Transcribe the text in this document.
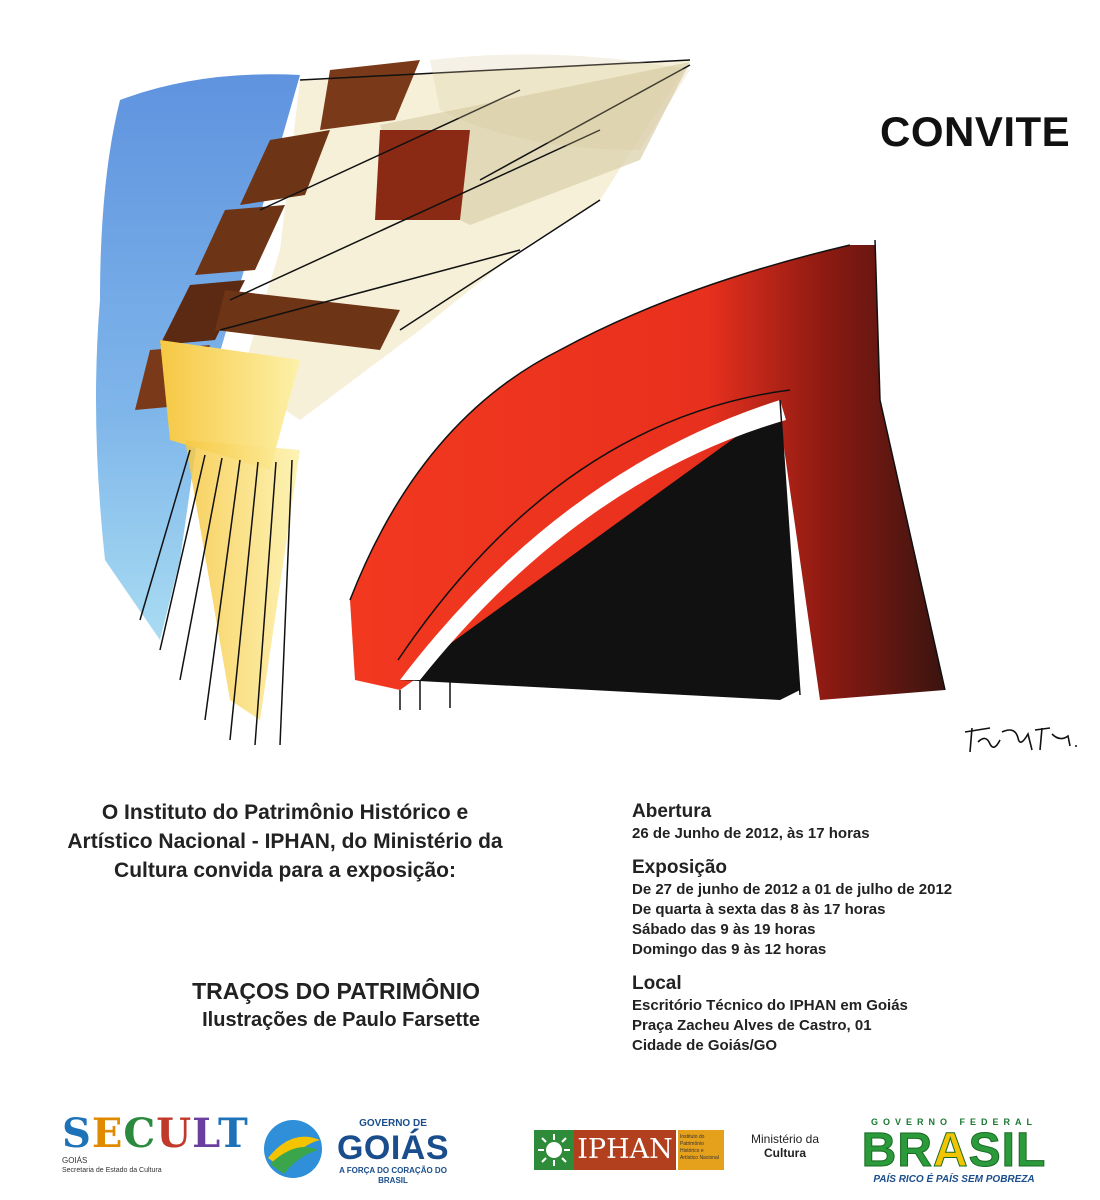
CONVITE
O Instituto do Patrimônio Histórico e
Artístico Nacional - IPHAN, do Ministério da
Cultura convida para a exposição:
TRAÇOS DO PATRIMÔNIO
Ilustrações de Paulo Farsette
Abertura
26 de Junho de 2012, às 17 horas
Exposição
De 27 de junho de 2012 a 01 de julho de 2012
De quarta à sexta das 8 às 17 horas
Sábado das 9 às 19 horas
Domingo das 9 às 12 horas
Local
Escritório Técnico do IPHAN em Goiás
Praça Zacheu Alves de Castro, 01
Cidade de Goiás/GO
SECULT
GOIÁS
Secretaria de Estado da Cultura
GOVERNO DE
GOIÁS
A FORÇA DO CORAÇÃO DO BRASIL
IPHAN	Instituto do Patrimônio Histórico e Artístico Nacional
Ministério da
Cultura
GOVERNO FEDERAL
BRASIL
PAÍS RICO É PAÍS SEM POBREZA
